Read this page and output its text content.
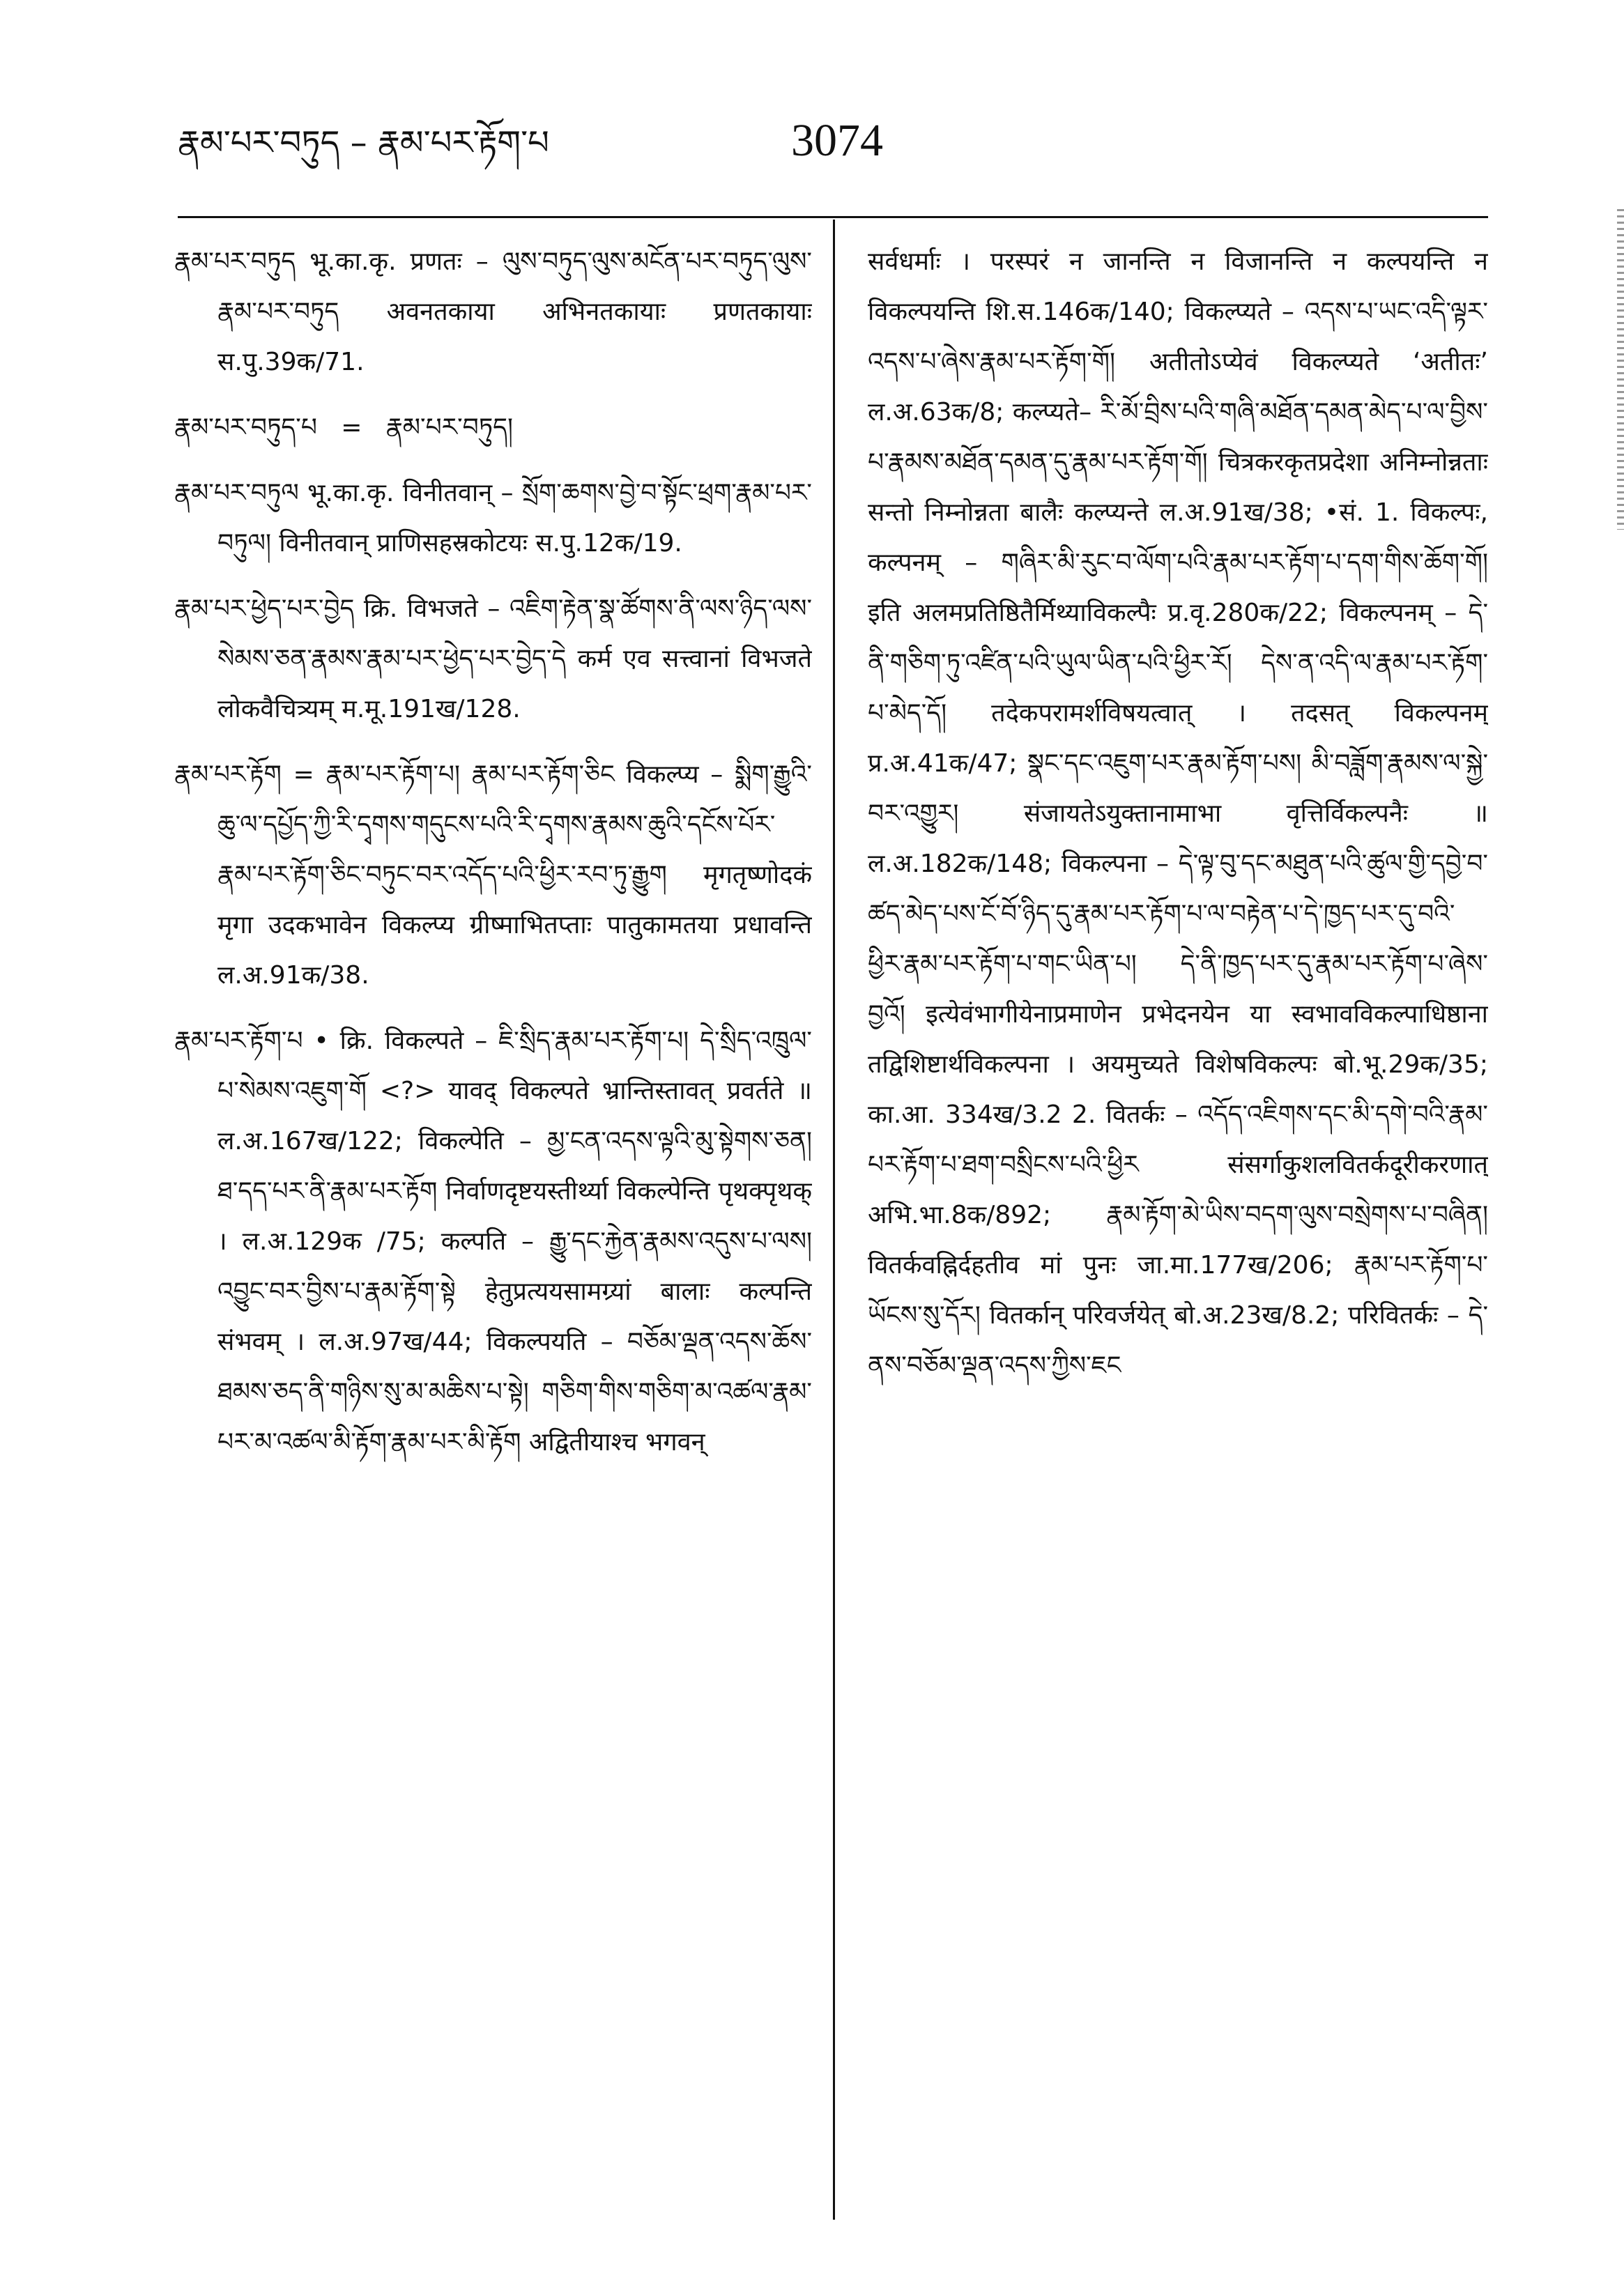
རྣམ་པར་བཏུད – རྣམ་པར་རྟོག་པ	3074

རྣམ་པར་བཏུད भू.का.कृ. प्रणतः – ལུས་བཏུད་ལུས་མངོན་པར་བཏུད་ལུས་རྣམ་པར་བཏུད अवनतकाया अभिनतकायाः प्रणतकायाः स.पु.39क/71.

རྣམ་པར་བཏུད་པ   =   རྣམ་པར་བཏུད།

རྣམ་པར་བཏུལ भू.का.कृ. विनीतवान् – སྲོག་ཆགས་བྱེ་བ་སྟོང་ཕྲག་རྣམ་པར་བཏུལ། विनीतवान् प्राणिसहस्रकोटयः स.पु.12क/19.

རྣམ་པར་ཕྱེད་པར་བྱེད क्रि. विभजते – འཇིག་རྟེན་སྣ་ཚོགས་ནི་ལས་ཉིད་ལས་སེམས་ཅན་རྣམས་རྣམ་པར་ཕྱེད་པར་བྱེད་དེ कर्म एव सत्त्वानां विभजते लोकवैचित्र्यम् म.मू.191ख/128.

རྣམ་པར་རྟོག = རྣམ་པར་རྟོག་པ། རྣམ་པར་རྟོག་ཅིང विकल्प्य – སྨིག་རྒྱུའི་ཆུ་ལ་དཔྱོད་ཀྱི་རི་དྭགས་གདུངས་པའི་རི་དྭགས་རྣམས་ཆུའི་དངོས་པོར་རྣམ་པར་རྟོག་ཅིང་བཏུང་བར་འདོད་པའི་ཕྱིར་རབ་ཏུ་རྒྱུག मृगतृष्णोदकं मृगा उदकभावेन विकल्प्य ग्रीष्माभितप्ताः पातुकामतया प्रधावन्ति ल.अ.91क/38.

རྣམ་པར་རྟོག་པ • क्रि. विकल्पते – ཇི་སྲིད་རྣམ་པར་རྟོག་པ། དེ་སྲིད་འཁྲུལ་པ་སེམས་འཇུག་གོ <?> यावद् विकल्पते भ्रान्तिस्तावत् प्रवर्तते ॥ ल.अ.167ख/122; विकल्पेति – མྱ་ངན་འདས་ལྟའི་མུ་སྟེགས་ཅན། ཐ་དད་པར་ནི་རྣམ་པར་རྟོག निर्वाणदृष्टयस्तीर्थ्या विकल्पेन्ति पृथक्पृथक् । ल.अ.129क /75; कल्पति – རྒྱུ་དང་རྐྱེན་རྣམས་འདུས་པ་ལས། འབྱུང་བར་བྱིས་པ་རྣམ་རྟོག་སྟེ हेतुप्रत्ययसामग्र्यां बालाः कल्पन्ति संभवम् । ल.अ.97ख/44; विकल्पयति – བཅོམ་ལྡན་འདས་ཆོས་ཐམས་ཅད་ནི་གཉིས་སུ་མ་མཆིས་པ་སྟེ། གཅིག་གིས་གཅིག་མ་འཚལ་རྣམ་པར་མ་འཚལ་མི་རྟོག་རྣམ་པར་མི་རྟོག अद्वितीयाश्च भगवन्

सर्वधर्माः । परस्परं न जानन्ति न विजानन्ति न कल्पयन्ति न विकल्पयन्ति शि.स.146क/140; विकल्प्यते – འདས་པ་ཡང་འདི་ལྟར་འདས་པ་ཞེས་རྣམ་པར་རྟོག་གོ། अतीतोऽप्येवं विकल्प्यते ‘अतीतः’ ल.अ.63क/8; कल्प्यते– རི་མོ་བྲིས་པའི་གཞི་མཐོན་དམན་མེད་པ་ལ་བྱིས་པ་རྣམས་མཐོན་དམན་དུ་རྣམ་པར་རྟོག་གོ། चित्रकरकृतप्रदेशा अनिम्नोन्नताः सन्तो निम्नोन्नता बालैः कल्प्यन्ते ल.अ.91ख/38; •सं. 1. विकल्पः, कल्पनम् – གཞིར་མི་རུང་བ་ལོག་པའི་རྣམ་པར་རྟོག་པ་དག་གིས་ཆོག་གོ། इति अलमप्रतिष्ठितैर्मिथ्याविकल्पैः प्र.वृ.280क/22; विकल्पनम् – དེ་ནི་གཅིག་ཏུ་འཛིན་པའི་ཡུལ་ཡིན་པའི་ཕྱིར་རོ། དེས་ན་འདི་ལ་རྣམ་པར་རྟོག་པ་མེད་དོ། तदेकपरामर्शविषयत्वात् । तदसत् विकल्पनम् प्र.अ.41क/47; སྣང་དང་འཇུག་པར་རྣམ་རྟོག་པས། མི་བཟློག་རྣམས་ལ་སྐྱེ་བར་འགྱུར། संजायतेऽयुक्तानामाभा वृत्तिर्विकल्पनैः ॥ ल.अ.182क/148; विकल्पना – དེ་ལྟ་བུ་དང་མཐུན་པའི་ཚུལ་གྱི་དབྱེ་བ་ཚད་མེད་པས་ངོ་བོ་ཉིད་དུ་རྣམ་པར་རྟོག་པ་ལ་བརྟེན་པ་དེ་ཁྱད་པར་དུ་བའི་ཕྱིར་རྣམ་པར་རྟོག་པ་གང་ཡིན་པ། དེ་ནི་ཁྱད་པར་དུ་རྣམ་པར་རྟོག་པ་ཞེས་བྱའོ། इत्येवंभागीयेनाप्रमाणेन प्रभेदनयेन या स्वभावविकल्पाधिष्ठाना तद्विशिष्टार्थविकल्पना । अयमुच्यते विशेषविकल्पः बो.भू.29क/35; का.आ. 334ख/3.2 2. वितर्कः – འདོད་འཇིགས་དང་མི་དགེ་བའི་རྣམ་པར་རྟོག་པ་ཐག་བསྲིངས་པའི་ཕྱིར संसर्गाकुशलवितर्कदूरीकरणात् अभि.भा.8क/892; རྣམ་རྟོག་མེ་ཡིས་བདག་ལུས་བསྲེགས་པ་བཞིན། वितर्कवह्निर्दहतीव मां पुनः जा.मा.177ख/206; རྣམ་པར་རྟོག་པ་ཡོངས་སུ་དོར། वितर्कान् परिवर्जयेत् बो.अ.23ख/8.2; परिवितर्कः – དེ་ནས་བཅོམ་ལྡན་འདས་ཀྱིས་ཇང
